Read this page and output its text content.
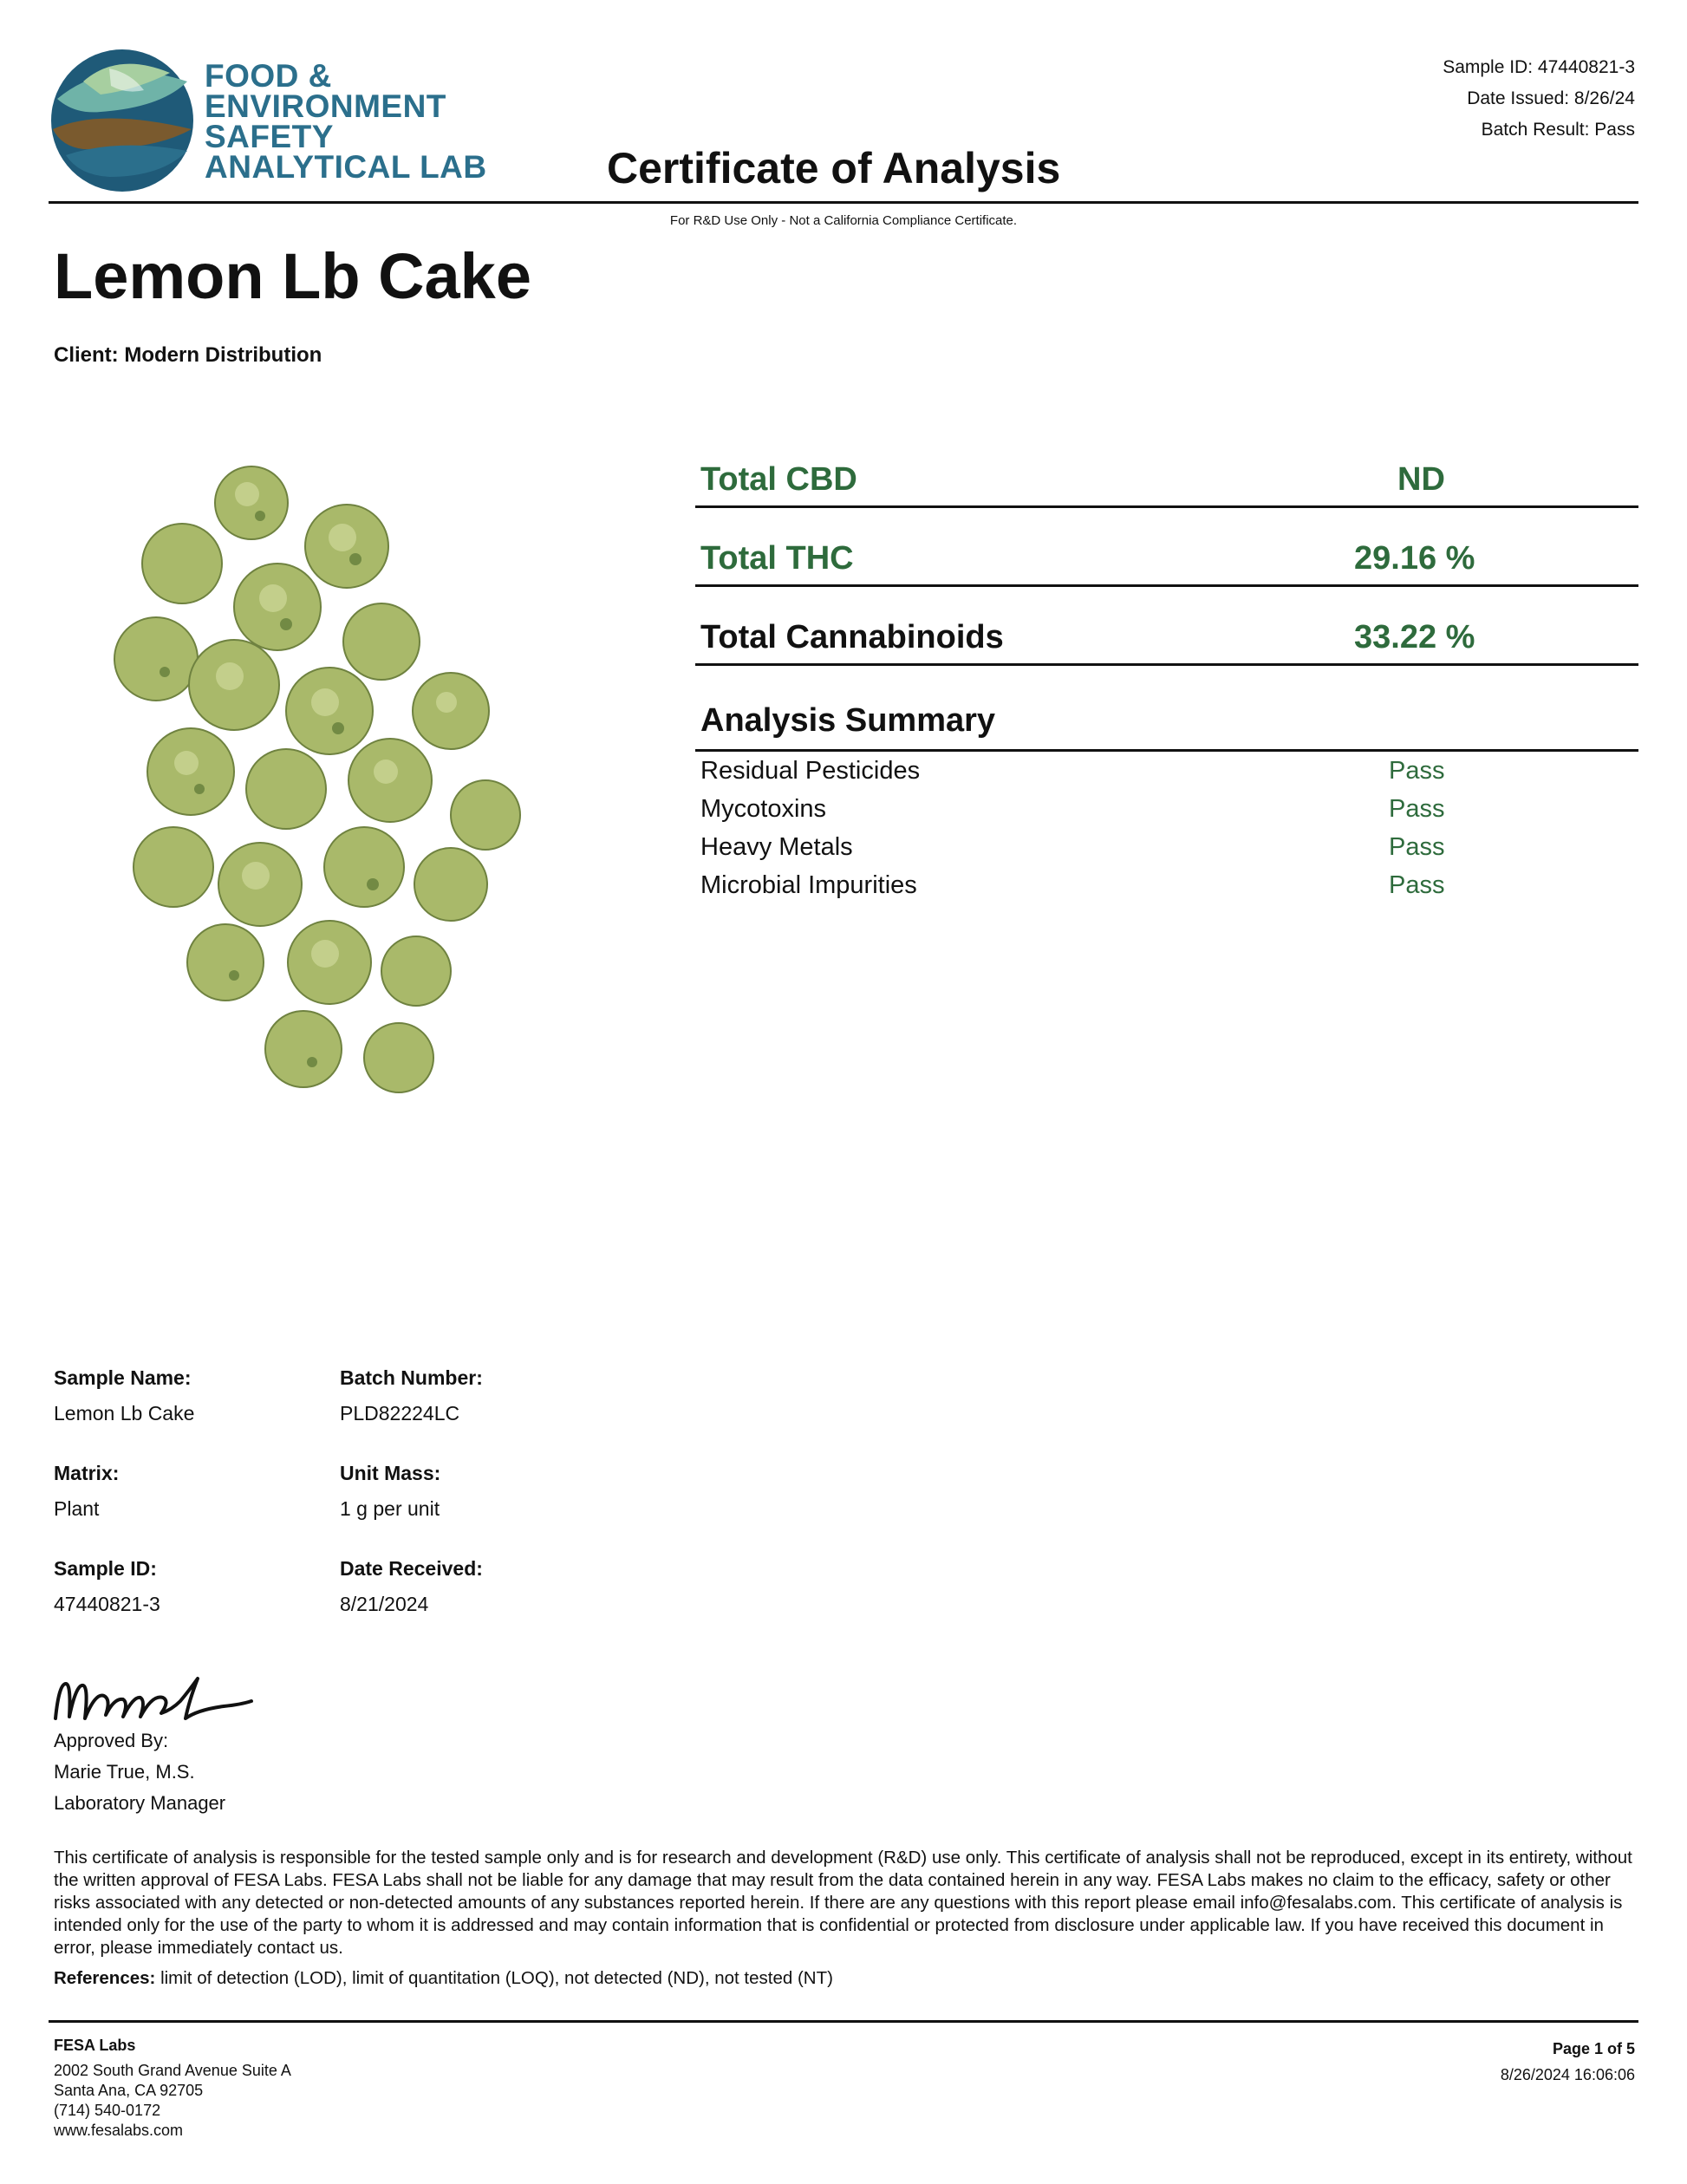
FOOD &
ENVIRONMENT
SAFETY
ANALYTICAL LAB	Certificate of Analysis
Sample ID: 47440821-3
Date Issued: 8/26/24
Batch Result: Pass
For R&D Use Only - Not a California Compliance Certificate.
Lemon Lb Cake
Client: Modern Distribution
Total CBD	ND
Total THC	29.16 %
Total Cannabinoids	33.22 %
Analysis Summary
Residual Pesticides	Pass
Mycotoxins	Pass
Heavy Metals	Pass
Microbial Impurities	Pass
Sample Name:
Lemon Lb Cake
Batch Number:
PLD82224LC
Matrix:
Plant
Unit Mass:
1 g per unit
Sample ID:
47440821-3
Date Received:
8/21/2024
Approved By:
Marie True, M.S.
Laboratory Manager
This certificate of analysis is responsible for the tested sample only and is for research and development (R&D) use only. This certificate of analysis shall not be reproduced, except in its entirety, without the written approval of FESA Labs. FESA Labs shall not be liable for any damage that may result from the data contained herein in any way. FESA Labs makes no claim to the efficacy, safety or other risks associated with any detected or non-detected amounts of any substances reported herein. If there are any questions with this report please email info@fesalabs.com. This certificate of analysis is intended only for the use of the party to whom it is addressed and may contain information that is confidential or protected from disclosure under applicable law. If you have received this document in error, please immediately contact us.
References: limit of detection (LOD), limit of quantitation (LOQ), not detected (ND), not tested (NT)
FESA Labs
2002 South Grand Avenue Suite A
Santa Ana, CA 92705
(714) 540-0172
www.fesalabs.com
Page 1 of 5
8/26/2024 16:06:06
